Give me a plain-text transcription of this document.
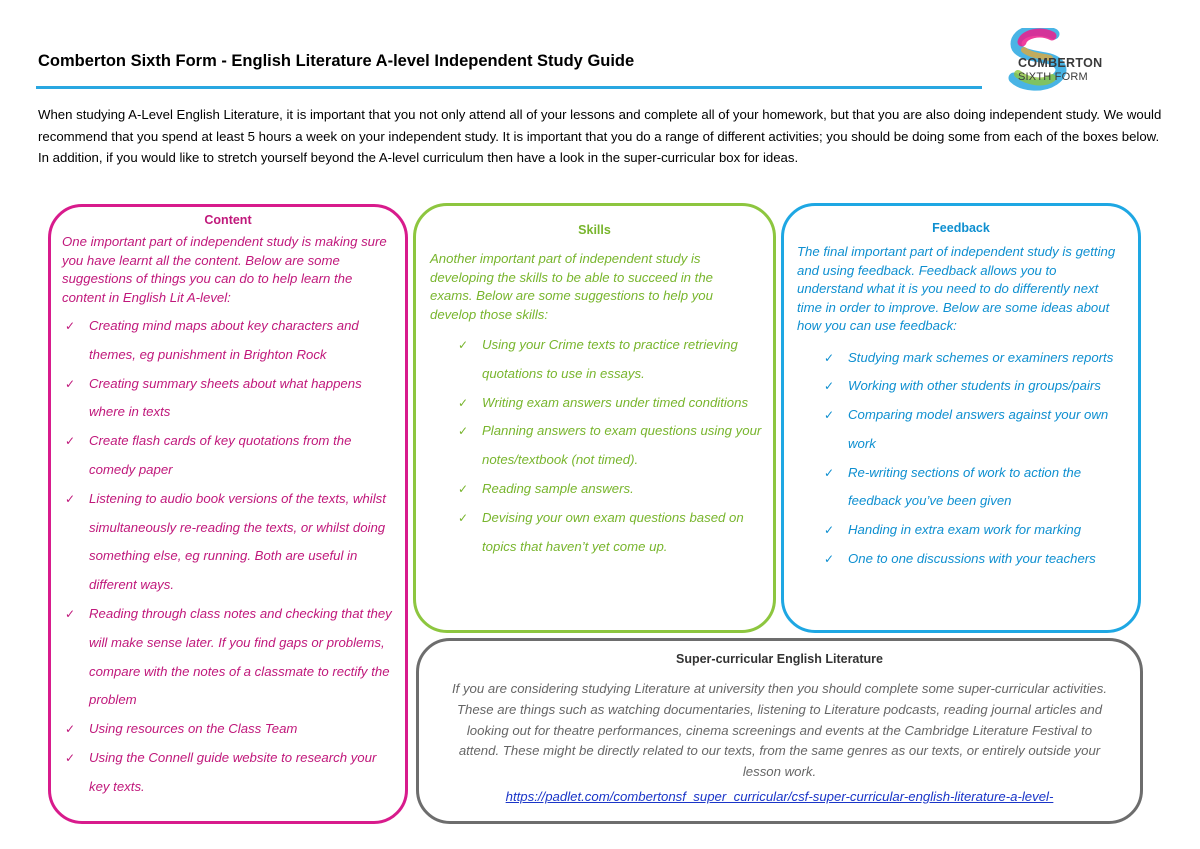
Comberton Sixth Form - English Literature A-level Independent Study Guide	COMBERTON
SIXTH FORM

When studying A-Level English Literature, it is important that you not only attend all of your lessons and complete all of your homework, but that you are also doing independent study. We would recommend that you spend at least 5 hours a week on your independent study. It is important that you do a range of different activities; you should be doing some from each of the boxes below. In addition, if you would like to stretch yourself beyond the A-level curriculum then have a look in the super-curricular box for ideas.

Content

One important part of independent study is making sure you have learnt all the content. Below are some suggestions of things you can do to help learn the content in English Lit A-level:

✓ Creating mind maps about key characters and themes, eg punishment in Brighton Rock
✓ Creating summary sheets about what happens where in texts
✓ Create flash cards of key quotations from the comedy paper
✓ Listening to audio book versions of the texts, whilst simultaneously re-reading the texts, or whilst doing something else, eg running. Both are useful in different ways.
✓ Reading through class notes and checking that they will make sense later. If you find gaps or problems, compare with the notes of a classmate to rectify the problem
✓ Using resources on the Class Team
✓ Using the Connell guide website to research your key texts.

Skills

Another important part of independent study is developing the skills to be able to succeed in the exams. Below are some suggestions to help you develop those skills:

✓ Using your Crime texts to practice retrieving quotations to use in essays.
✓ Writing exam answers under timed conditions
✓ Planning answers to exam questions using your notes/textbook (not timed).
✓ Reading sample answers.
✓ Devising your own exam questions based on topics that haven’t yet come up.

Feedback

The final important part of independent study is getting and using feedback. Feedback allows you to understand what it is you need to do differently next time in order to improve. Below are some ideas about how you can use feedback:

✓ Studying mark schemes or examiners reports
✓ Working with other students in groups/pairs
✓ Comparing model answers against your own work
✓ Re-writing sections of work to action the feedback you’ve been given
✓ Handing in extra exam work for marking
✓ One to one discussions with your teachers

Super-curricular English Literature

If you are considering studying Literature at university then you should complete some super-curricular activities. These are things such as watching documentaries, listening to Literature podcasts, reading journal articles and looking out for theatre performances, cinema screenings and events at the Cambridge Literature Festival to attend. These might be directly related to our texts, from the same genres as our texts, or entirely outside your lesson work.

https://padlet.com/combertonsf_super_curricular/csf-super-curricular-english-literature-a-level-
